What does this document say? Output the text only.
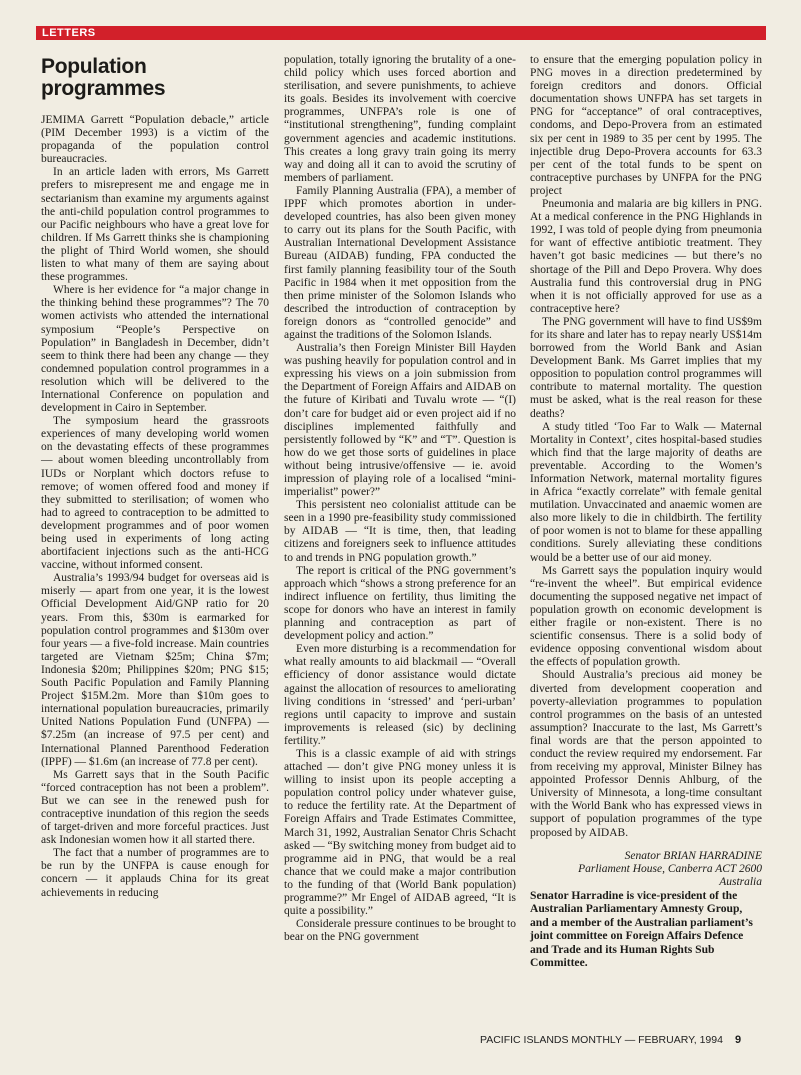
LETTERS
Population programmes

JEMIMA Garrett “Population debacle,” article (PIM December 1993) is a victim of the propaganda of the population control bureaucracies.

In an article laden with errors, Ms Garrett prefers to misrepresent me and engage me in sectarianism than examine my arguments against the anti-child population control programmes to our Pacific neighbours who have a great love for children. If Ms Garrett thinks she is championing the plight of Third World women, she should listen to what many of them are saying about these programmes.

Where is her evidence for “a major change in the thinking behind these programmes”? The 70 women activists who attended the international symposium “People’s Perspective on Population” in Bangladesh in December, didn’t seem to think there had been any change — they condemned population control programmes in a resolution which will be delivered to the International Conference on population and development in Cairo in September.

The symposium heard the grassroots experiences of many developing world women on the devastating effects of these programmes — about women bleeding uncontrollably from IUDs or Norplant which doctors refuse to remove; of women offered food and money if they submitted to sterilisation; of women who had to agreed to contraception to be admitted to development programmes and of poor women being used in experiments of long acting abortifacient injections such as the anti-HCG vaccine, without informed consent.

Australia’s 1993/94 budget for overseas aid is miserly — apart from one year, it is the lowest Official Development Aid/GNP ratio for 20 years. From this, $30m is earmarked for population control programmes and $130m over four years — a five-fold increase. Main countries targeted are Vietnam $25m; China $7m; Indonesia $20m; Philippines $20m; PNG $15; South Pacific Population and Family Planning Project $15M.2m. More than $10m goes to international population bureaucracies, primarily United Nations Population Fund (UNFPA) — $7.25m (an increase of 97.5 per cent) and International Planned Parenthood Federation (IPPF) — $1.6m (an increase of 77.8 per cent).

Ms Garrett says that in the South Pacific “forced contraception has not been a problem”. But we can see in the renewed push for contraceptive inundation of this region the seeds of target-driven and more forceful practices. Just ask Indonesian women how it all started there.

The fact that a number of programmes are to be run by the UNFPA is cause enough for concern — it applauds China for its great achievements in reducing

population, totally ignoring the brutality of a one-child policy which uses forced abortion and sterilisation, and severe punishments, to achieve its goals. Besides its involvement with coercive programmes, UNFPA’s role is one of “institutional strengthening”, funding complaint government agencies and academic institutions. This creates a long gravy train going its merry way and doing all it can to avoid the scrutiny of members of parliament.

Family Planning Australia (FPA), a member of IPPF which promotes abortion in under-developed countries, has also been given money to carry out its plans for the South Pacific, with Australian International Development Assistance Bureau (AIDAB) funding, FPA conducted the first family planning feasibility tour of the South Pacific in 1984 when it met opposition from the then prime minister of the Solomon Islands who described the introduction of contraception by foreign donors as “controlled genocide” and against the traditions of the Solomon Islands.

Australia’s then Foreign Minister Bill Hayden was pushing heavily for population control and in expressing his views on a join submission from the Department of Foreign Affairs and AIDAB on the future of Kiribati and Tuvalu wrote — “(I) don’t care for budget aid or even project aid if no disciplines implemented faithfully and persistently followed by “K” and “T”. Question is how do we get those sorts of guidelines in place without being intrusive/offensive — ie. avoid impression of playing role of a localised “mini-imperialist” power?”

This persistent neo colonialist attitude can be seen in a 1990 pre-feasibility study commissioned by AIDAB — “It is time, then, that leading citizens and foreigners seek to influence attitudes to and trends in PNG population growth.”

The report is critical of the PNG government’s approach which “shows a strong preference for an indirect influence on fertility, thus limiting the scope for donors who have an interest in family planning and contraception as part of development policy and action.”

Even more disturbing is a recommendation for what really amounts to aid blackmail — “Overall efficiency of donor assistance would dictate against the allocation of resources to ameliorating living conditions in ‘stressed’ and ‘peri-urban’ regions until capacity to improve and sustain improvements is released (sic) by declining fertility.”

This is a classic example of aid with strings attached — don’t give PNG money unless it is willing to insist upon its people accepting a population control policy under whatever guise, to reduce the fertility rate. At the Department of Foreign Affairs and Trade Estimates Committee, March 31, 1992, Australian Senator Chris Schacht asked — “By switching money from budget aid to programme aid in PNG, that would be a real chance that we could make a major contribution to the funding of that (World Bank population) programme?” Mr Engel of AIDAB agreed, “It is quite a possibility.”

Considerale pressure continues to be brought to bear on the PNG government

to ensure that the emerging population policy in PNG moves in a direction predetermined by foreign creditors and donors. Official documentation shows UNFPA has set targets in PNG for “acceptance” of oral contraceptives, condoms, and Depo-Provera from an estimated six per cent in 1989 to 35 per cent by 1995. The injectible drug Depo-Provera accounts for 63.3 per cent of the total funds to be spent on contraceptive purchases by UNFPA for the PNG project

Pneumonia and malaria are big killers in PNG. At a medical conference in the PNG Highlands in 1992, I was told of people dying from pneumonia for want of effective antibiotic treatment. They haven’t got basic medicines — but there’s no shortage of the Pill and Depo Provera. Why does Australia fund this controversial drug in PNG when it is not officially approved for use as a contraceptive here?

The PNG government will have to find US$9m for its share and later has to repay nearly US$14m borrowed from the World Bank and Asian Development Bank. Ms Garret implies that my opposition to population control programmes will contribute to maternal mortality. The question must be asked, what is the real reason for these deaths?

A study titled ‘Too Far to Walk — Maternal Mortality in Context’, cites hospital-based studies which find that the large majority of deaths are preventable. According to the Women’s Information Network, maternal mortality figures in Africa “exactly correlate” with female genital mutilation. Unvaccinated and anaemic women are also more likely to die in childbirth. The fertility of poor women is not to blame for these appalling conditions. Surely alleviating these conditions would be a better use of our aid money.

Ms Garrett says the population inquiry would “re-invent the wheel”. But empirical evidence documenting the supposed negative net impact of population growth on economic development is either fragile or non-existent. There is no scientific consensus. There is a solid body of evidence opposing conventional wisdom about the effects of population growth.

Should Australia’s precious aid money be diverted from development cooperation and poverty-alleviation programmes to population control programmes on the basis of an untested assumption? Inaccurate to the last, Ms Garrett’s final words are that the person appointed to conduct the review required my endorsement. Far from receiving my approval, Minister Bilney has appointed Professor Dennis Ahlburg, of the University of Minnesota, a long-time consultant with the World Bank who has expressed views in support of population programmes of the type proposed by AIDAB.

Senator BRIAN HARRADINE
Parliament House, Canberra ACT 2600
Australia

Senator Harradine is vice-president of the Australian Parliamentary Amnesty Group, and a member of the Australian parliament’s joint committee on Foreign Affairs Defence and Trade and its Human Rights Sub Committee.

PACIFIC ISLANDS MONTHLY — FEBRUARY, 1994 9
